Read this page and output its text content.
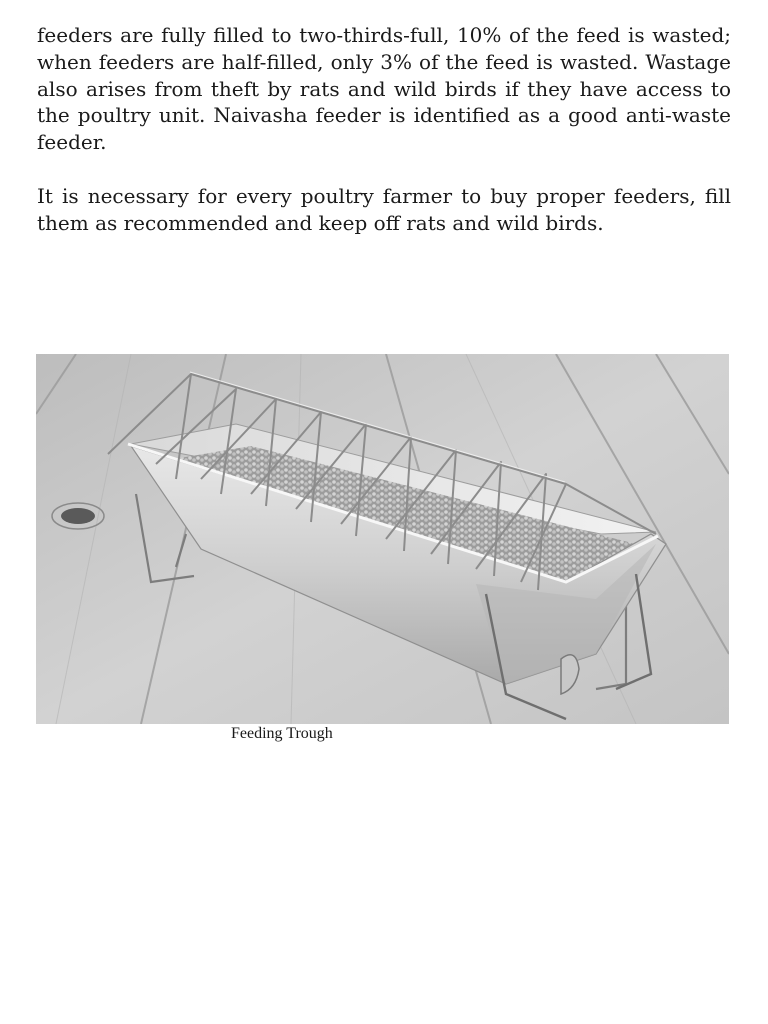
feeders are fully filled to two-thirds-full, 10% of the feed is wasted; when feeders are half-filled, only 3% of the feed is wasted. Wastage also arises from theft by rats and wild birds if they have access to the poultry unit. Naivasha feeder is identified as a good anti-waste feeder.

It is necessary for every poultry farmer to buy proper feeders, fill them as recommended and keep off rats and wild birds.

Feeding Trough
